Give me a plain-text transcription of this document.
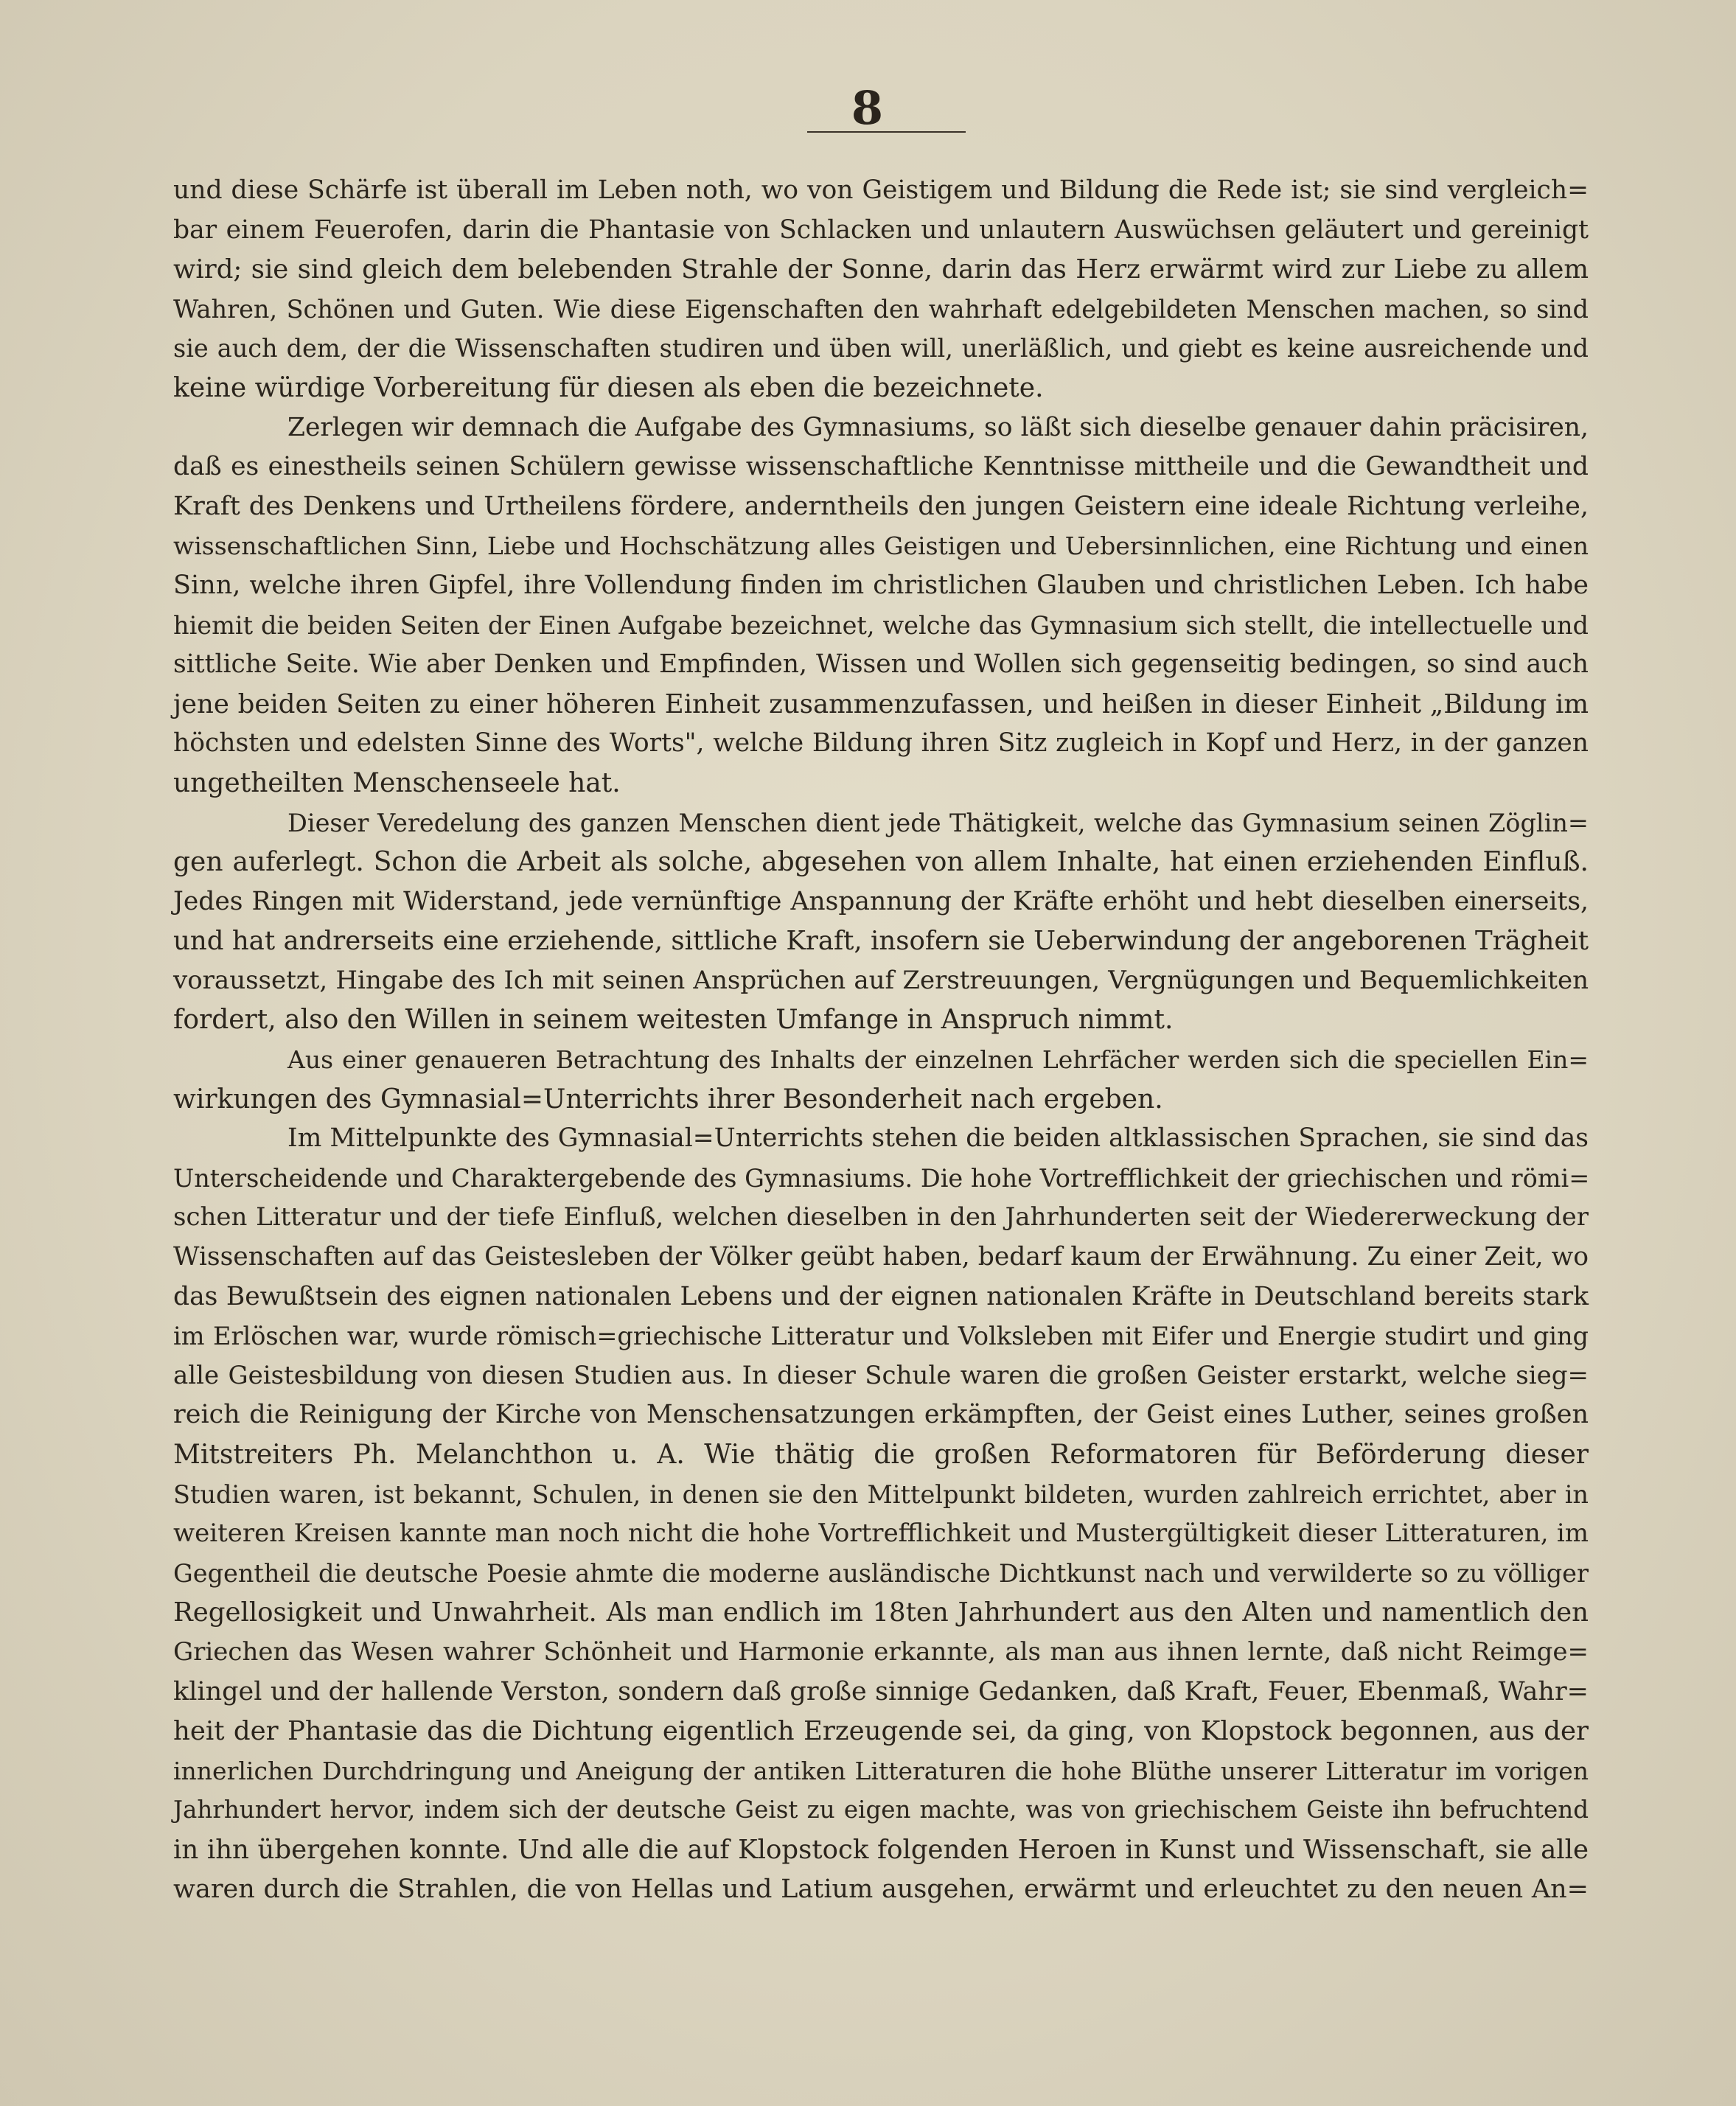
8
und diese Schärfe ist überall im Leben noth, wo von Geistigem und Bildung die Rede ist; sie sind vergleich=
bar einem Feuerofen, darin die Phantasie von Schlacken und unlautern Auswüchsen geläutert und gereinigt
wird; sie sind gleich dem belebenden Strahle der Sonne, darin das Herz erwärmt wird zur Liebe zu allem
Wahren, Schönen und Guten. Wie diese Eigenschaften den wahrhaft edelgebildeten Menschen machen, so sind
sie auch dem, der die Wissenschaften studiren und üben will, unerläßlich, und giebt es keine ausreichende und
keine würdige Vorbereitung für diesen als eben die bezeichnete.
Zerlegen wir demnach die Aufgabe des Gymnasiums, so läßt sich dieselbe genauer dahin präcisiren,
daß es einestheils seinen Schülern gewisse wissenschaftliche Kenntnisse mittheile und die Gewandtheit und
Kraft des Denkens und Urtheilens fördere, anderntheils den jungen Geistern eine ideale Richtung verleihe,
wissenschaftlichen Sinn, Liebe und Hochschätzung alles Geistigen und Uebersinnlichen, eine Richtung und einen
Sinn, welche ihren Gipfel, ihre Vollendung finden im christlichen Glauben und christlichen Leben. Ich habe
hiemit die beiden Seiten der Einen Aufgabe bezeichnet, welche das Gymnasium sich stellt, die intellectuelle und
sittliche Seite. Wie aber Denken und Empfinden, Wissen und Wollen sich gegenseitig bedingen, so sind auch
jene beiden Seiten zu einer höheren Einheit zusammenzufassen, und heißen in dieser Einheit „Bildung im
höchsten und edelsten Sinne des Worts", welche Bildung ihren Sitz zugleich in Kopf und Herz, in der ganzen
ungetheilten Menschenseele hat.
Dieser Veredelung des ganzen Menschen dient jede Thätigkeit, welche das Gymnasium seinen Zöglin=
gen auferlegt. Schon die Arbeit als solche, abgesehen von allem Inhalte, hat einen erziehenden Einfluß.
Jedes Ringen mit Widerstand, jede vernünftige Anspannung der Kräfte erhöht und hebt dieselben einerseits,
und hat andrerseits eine erziehende, sittliche Kraft, insofern sie Ueberwindung der angeborenen Trägheit
voraussetzt, Hingabe des Ich mit seinen Ansprüchen auf Zerstreuungen, Vergnügungen und Bequemlichkeiten
fordert, also den Willen in seinem weitesten Umfange in Anspruch nimmt.
Aus einer genaueren Betrachtung des Inhalts der einzelnen Lehrfächer werden sich die speciellen Ein=
wirkungen des Gymnasial=Unterrichts ihrer Besonderheit nach ergeben.
Im Mittelpunkte des Gymnasial=Unterrichts stehen die beiden altklassischen Sprachen, sie sind das
Unterscheidende und Charaktergebende des Gymnasiums. Die hohe Vortrefflichkeit der griechischen und römi=
schen Litteratur und der tiefe Einfluß, welchen dieselben in den Jahrhunderten seit der Wiedererweckung der
Wissenschaften auf das Geistesleben der Völker geübt haben, bedarf kaum der Erwähnung. Zu einer Zeit, wo
das Bewußtsein des eignen nationalen Lebens und der eignen nationalen Kräfte in Deutschland bereits stark
im Erlöschen war, wurde römisch=griechische Litteratur und Volksleben mit Eifer und Energie studirt und ging
alle Geistesbildung von diesen Studien aus. In dieser Schule waren die großen Geister erstarkt, welche sieg=
reich die Reinigung der Kirche von Menschensatzungen erkämpften, der Geist eines Luther, seines großen
Mitstreiters Ph. Melanchthon u. A. Wie thätig die großen Reformatoren für Beförderung dieser
Studien waren, ist bekannt, Schulen, in denen sie den Mittelpunkt bildeten, wurden zahlreich errichtet, aber in
weiteren Kreisen kannte man noch nicht die hohe Vortrefflichkeit und Mustergültigkeit dieser Litteraturen, im
Gegentheil die deutsche Poesie ahmte die moderne ausländische Dichtkunst nach und verwilderte so zu völliger
Regellosigkeit und Unwahrheit. Als man endlich im 18ten Jahrhundert aus den Alten und namentlich den
Griechen das Wesen wahrer Schönheit und Harmonie erkannte, als man aus ihnen lernte, daß nicht Reimge=
klingel und der hallende Verston, sondern daß große sinnige Gedanken, daß Kraft, Feuer, Ebenmaß, Wahr=
heit der Phantasie das die Dichtung eigentlich Erzeugende sei, da ging, von Klopstock begonnen, aus der
innerlichen Durchdringung und Aneigung der antiken Litteraturen die hohe Blüthe unserer Litteratur im vorigen
Jahrhundert hervor, indem sich der deutsche Geist zu eigen machte, was von griechischem Geiste ihn befruchtend
in ihn übergehen konnte. Und alle die auf Klopstock folgenden Heroen in Kunst und Wissenschaft, sie alle
waren durch die Strahlen, die von Hellas und Latium ausgehen, erwärmt und erleuchtet zu den neuen An=
